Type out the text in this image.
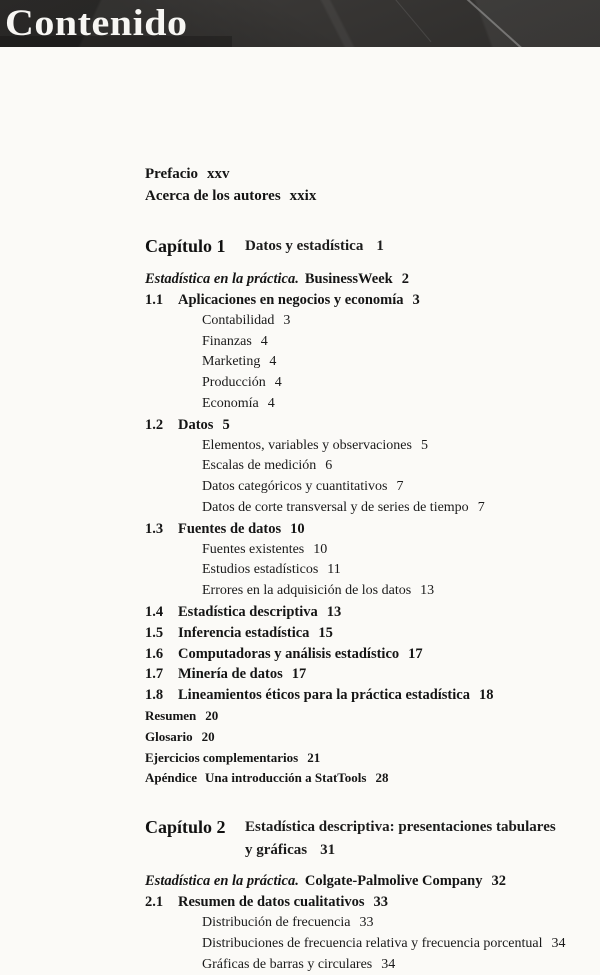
Contenido
Prefacio xxv
Acerca de los autores xxix
Capítulo 1 Datos y estadística 1
Estadística en la práctica. BusinessWeek 2
1.1 Aplicaciones en negocios y economía 3
Contabilidad 3
Finanzas 4
Marketing 4
Producción 4
Economía 4
1.2 Datos 5
Elementos, variables y observaciones 5
Escalas de medición 6
Datos categóricos y cuantitativos 7
Datos de corte transversal y de series de tiempo 7
1.3 Fuentes de datos 10
Fuentes existentes 10
Estudios estadísticos 11
Errores en la adquisición de los datos 13
1.4 Estadística descriptiva 13
1.5 Inferencia estadística 15
1.6 Computadoras y análisis estadístico 17
1.7 Minería de datos 17
1.8 Lineamientos éticos para la práctica estadística 18
Resumen 20
Glosario 20
Ejercicios complementarios 21
Apéndice Una introducción a StatTools 28
Capítulo 2 Estadística descriptiva: presentaciones tabulares
y gráficas 31
Estadística en la práctica. Colgate-Palmolive Company 32
2.1 Resumen de datos cualitativos 33
Distribución de frecuencia 33
Distribuciones de frecuencia relativa y frecuencia porcentual 34
Gráficas de barras y circulares 34
